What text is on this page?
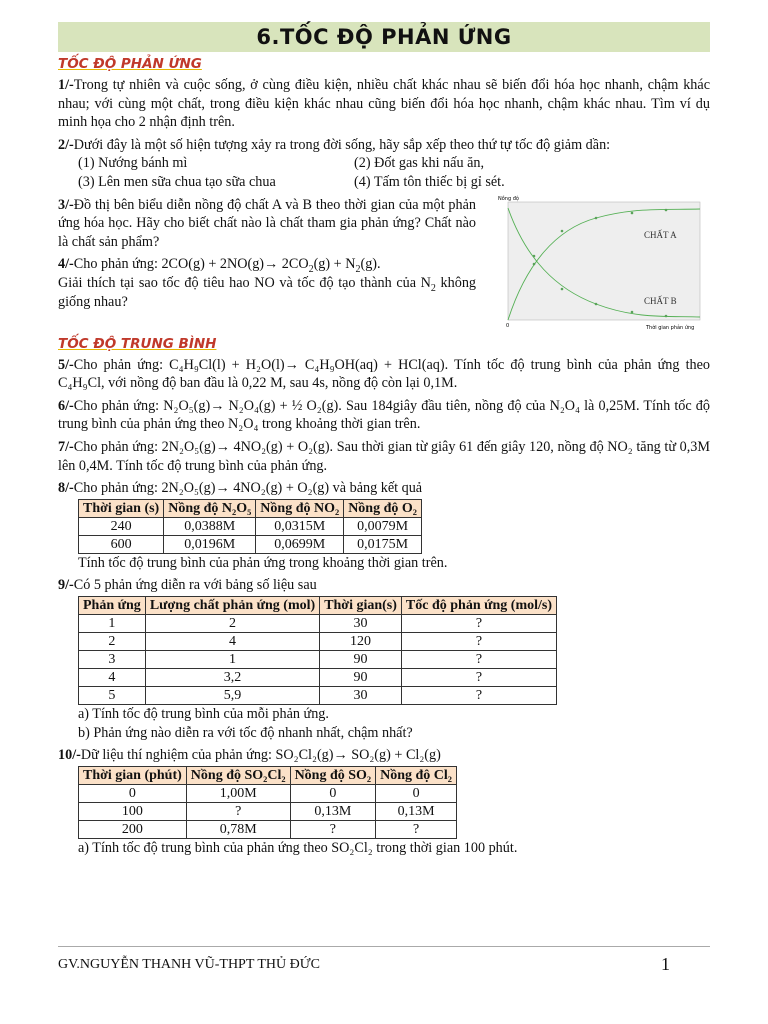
6.TỐC ĐỘ PHẢN ỨNG
TỐC ĐỘ PHẢN ỨNG
1/-Trong tự nhiên và cuộc sống, ở cùng điều kiện, nhiều chất khác nhau sẽ biến đổi hóa học nhanh, chậm khác nhau; với cùng một chất, trong điều kiện khác nhau cũng biến đổi hóa học nhanh, chậm khác nhau. Tìm ví dụ minh họa cho 2 nhận định trên.
2/-Dưới đây là một số hiện tượng xảy ra trong đời sống, hãy sắp xếp theo thứ tự tốc độ giảm dần:
(1) Nướng bánh mì	(2) Đốt gas khi nấu ăn,
(3) Lên men sữa chua tạo sữa chua	(4) Tấm tôn thiếc bị gỉ sét.
3/-Đồ thị bên biểu diễn nồng độ chất A và B theo thời gian của một phản ứng hóa học. Hãy cho biết chất nào là chất tham gia phản ứng? Chất nào là chất sản phẩm?
4/-Cho phản ứng: $2CO(g) + 2NO(g)\to 2CO_2(g) + N_2(g)$.
Giải thích tại sao tốc độ tiêu hao NO và tốc độ tạo thành của $N_2$ không giống nhau?
Nồng độ
0	Thời gian phản ứng
CHẤT A
CHẤT B
TỐC ĐỘ TRUNG BÌNH
5/-Cho phản ứng: C₄H₉Cl(l) + H₂O(l)→ C₄H₉OH(aq) + HCl(aq). Tính tốc độ trung bình của phản ứng theo C₄H₉Cl, với nồng độ ban đầu là 0,22 M, sau 4s, nồng độ còn lại 0,1M.
6/-Cho phản ứng: N₂O₅(g)→ N₂O₄(g) + ½ O₂(g). Sau 184giây đầu tiên, nồng độ của N₂O₄ là 0,25M. Tính tốc độ trung bình của phản ứng theo N₂O₄ trong khoảng thời gian trên.
7/-Cho phản ứng: 2N₂O₅(g)→ 4NO₂(g) + O₂(g). Sau thời gian từ giây 61 đến giây 120, nồng độ NO₂ tăng từ 0,3M lên 0,4M. Tính tốc độ trung bình của phản ứng.
8/-Cho phản ứng: 2N₂O₅(g)→ 4NO₂(g) + O₂(g) và bảng kết quả
Thời gian (s)	Nồng độ N₂O₅	Nồng độ NO₂	Nồng độ O₂
240	0,0388M	0,0315M	0,0079M
600	0,0196M	0,0699M	0,0175M
Tính tốc độ trung bình của phản ứng trong khoảng thời gian trên.
9/-Có 5 phản ứng diễn ra với bảng số liệu sau
Phản ứng	Lượng chất phản ứng (mol)	Thời gian(s)	Tốc độ phản ứng (mol/s)
1	2	30	?
2	4	120	?
3	1	90	?
4	3,2	90	?
5	5,9	30	?
a) Tính tốc độ trung bình của mỗi phản ứng.
b) Phản ứng nào diễn ra với tốc độ nhanh nhất, chậm nhất?
10/-Dữ liệu thí nghiệm của phản ứng: SO₂Cl₂(g)→ SO₂(g) + Cl₂(g)
Thời gian (phút)	Nồng độ SO₂Cl₂	Nồng độ SO₂	Nồng độ Cl₂
0	1,00M	0	0
100	?	0,13M	0,13M
200	0,78M	?	?
a) Tính tốc độ trung bình của phản ứng theo SO₂Cl₂ trong thời gian 100 phút.
GV.NGUYỄN THANH VŨ-THPT THỦ ĐỨC	1
